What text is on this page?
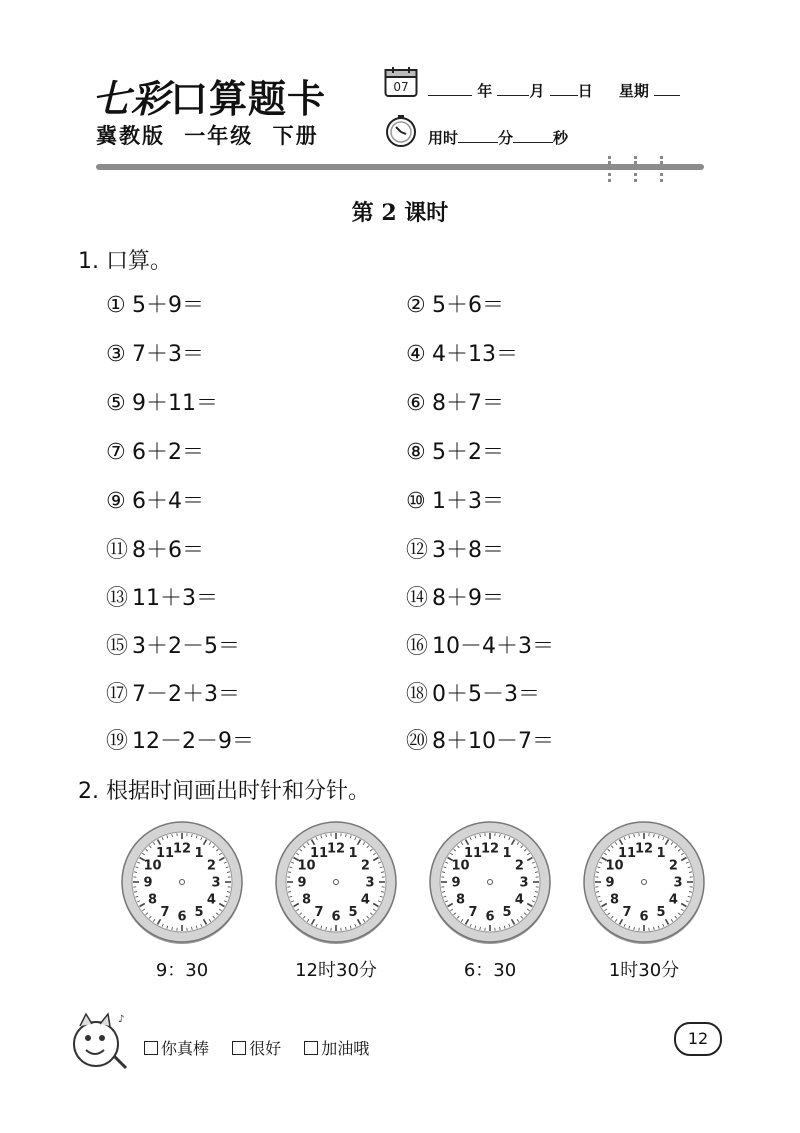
七彩口算题卡
冀教版 一年级 下册
07	年 月 日 星期
用时	分	秒
第 2 课时
1. 口算。
① 5＋9＝	② 5＋6＝
③ 7＋3＝	④ 4＋13＝
⑤ 9＋11＝	⑥ 8＋7＝
⑦ 6＋2＝	⑧ 5＋2＝
⑨ 6＋4＝	⑩ 1＋3＝
⑪ 8＋6＝	⑫ 3＋8＝
⑬ 11＋3＝	⑭ 8＋9＝
⑮ 3＋2－5＝	⑯ 10－4＋3＝
⑰ 7－2＋3＝	⑱ 0＋5－3＝
⑲ 12－2－9＝	⑳ 8＋10－7＝
2. 根据时间画出时针和分针。
12 1
2
3
4
5
6
7
8
9
10
11	12 1
2
3
4
5
6
7
8
9
10
11	12 1
2
3
4
5
6
7
8
9
10
11	12 1
2
3
4
5
6
7
8
9
10
11
9：30	12时30分	6：30	1时30分
♪
你真棒	很好	加油哦
12
